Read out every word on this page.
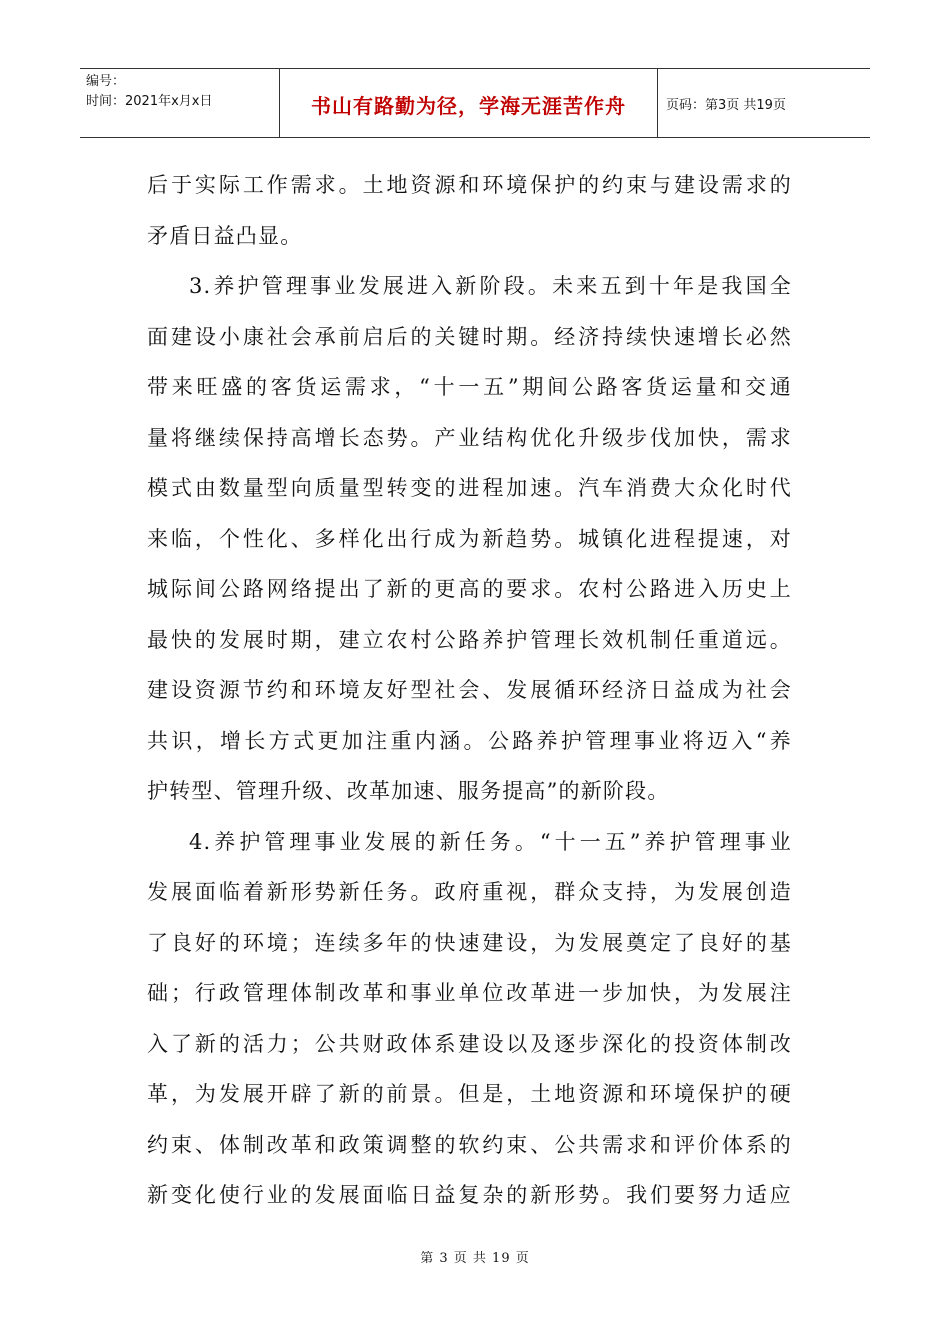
编号：
时间：2021年x月x日	书山有路勤为径，学海无涯苦作舟	页码：第3页 共19页
后于实际工作需求。土地资源和环境保护的约束与建设需求的
矛盾日益凸显。
3.养护管理事业发展进入新阶段。未来五到十年是我国全
面建设小康社会承前启后的关键时期。经济持续快速增长必然
带来旺盛的客货运需求，“十一五”期间公路客货运量和交通
量将继续保持高增长态势。产业结构优化升级步伐加快，需求
模式由数量型向质量型转变的进程加速。汽车消费大众化时代
来临，个性化、多样化出行成为新趋势。城镇化进程提速，对
城际间公路网络提出了新的更高的要求。农村公路进入历史上
最快的发展时期，建立农村公路养护管理长效机制任重道远。
建设资源节约和环境友好型社会、发展循环经济日益成为社会
共识，增长方式更加注重内涵。公路养护管理事业将迈入“养
护转型、管理升级、改革加速、服务提高”的新阶段。
4.养护管理事业发展的新任务。“十一五”养护管理事业
发展面临着新形势新任务。政府重视，群众支持，为发展创造
了良好的环境；连续多年的快速建设，为发展奠定了良好的基
础；行政管理体制改革和事业单位改革进一步加快，为发展注
入了新的活力；公共财政体系建设以及逐步深化的投资体制改
革，为发展开辟了新的前景。但是，土地资源和环境保护的硬
约束、体制改革和政策调整的软约束、公共需求和评价体系的
新变化使行业的发展面临日益复杂的新形势。我们要努力适应
第 3 页 共 19 页
